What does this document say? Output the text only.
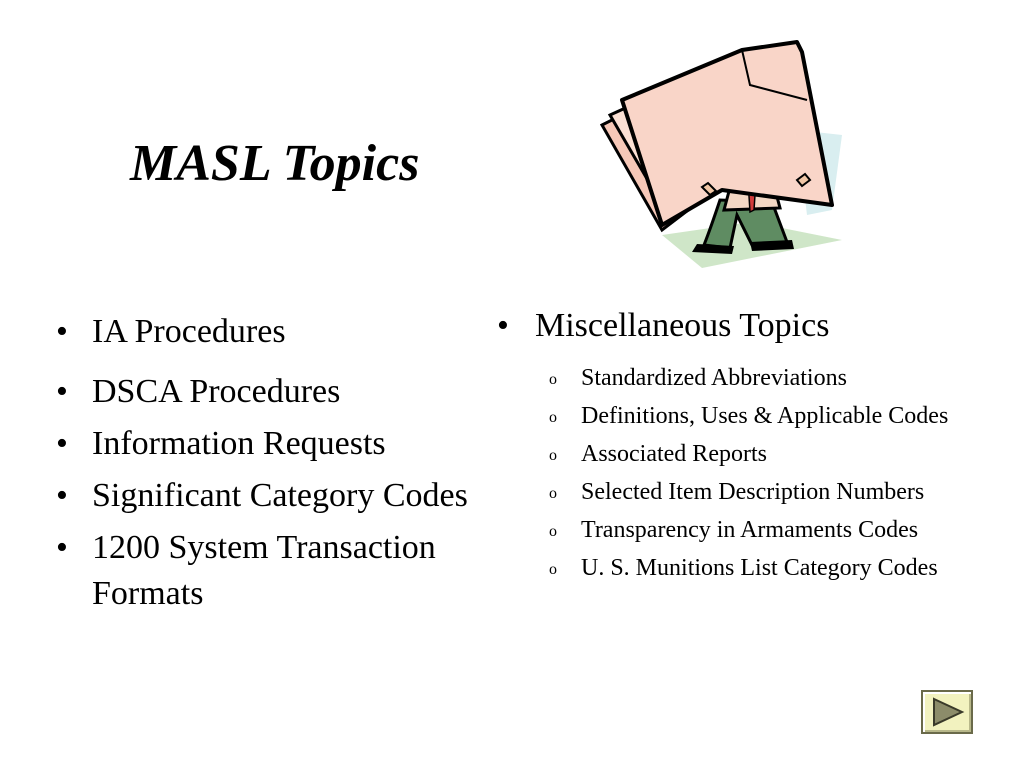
MASL Topics
• IA Procedures
• DSCA Procedures
• Information Requests
• Significant Category Codes
• 1200 System Transaction Formats
• Miscellaneous Topics
o Standardized Abbreviations
o Definitions, Uses & Applicable Codes
o Associated Reports
o Selected Item Description Numbers
o Transparency in Armaments Codes
o U. S. Munitions List Category Codes
